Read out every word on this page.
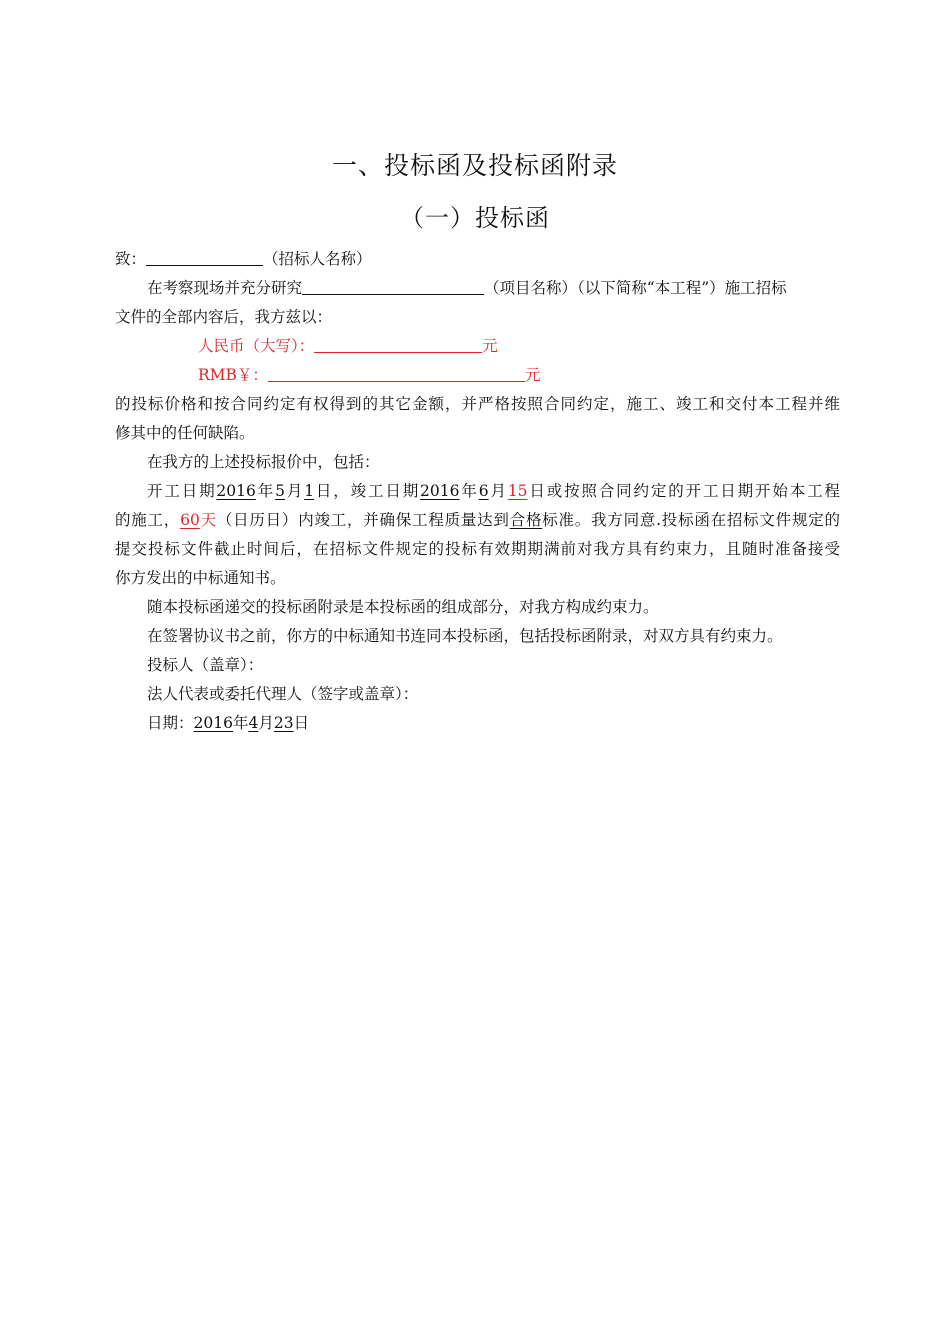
一、投标函及投标函附录
（一）投标函
致：	（招标人名称）
在考察现场并充分研究	（项目名称）（以下简称“本工程”）施工招标
文件的全部内容后，我方兹以：
人民币（大写）：	元
RMB￥：	元
的投标价格和按合同约定有权得到的其它金额，并严格按照合同约定，施工、竣工和交付本工程并维
修其中的任何缺陷。
在我方的上述投标报价中，包括：
开工日期2016年5月1日，竣工日期2016年6月15日或按照合同约定的开工日期开始本工程
的施工，60天（日历日）内竣工，并确保工程质量达到合格标准。我方同意.投标函在招标文件规定的
提交投标文件截止时间后，在招标文件规定的投标有效期期满前对我方具有约束力，且随时准备接受
你方发出的中标通知书。
随本投标函递交的投标函附录是本投标函的组成部分，对我方构成约束力。
在签署协议书之前，你方的中标通知书连同本投标函，包括投标函附录，对双方具有约束力。
投标人（盖章）：
法人代表或委托代理人（签字或盖章）：
日期：2016年4月23日
